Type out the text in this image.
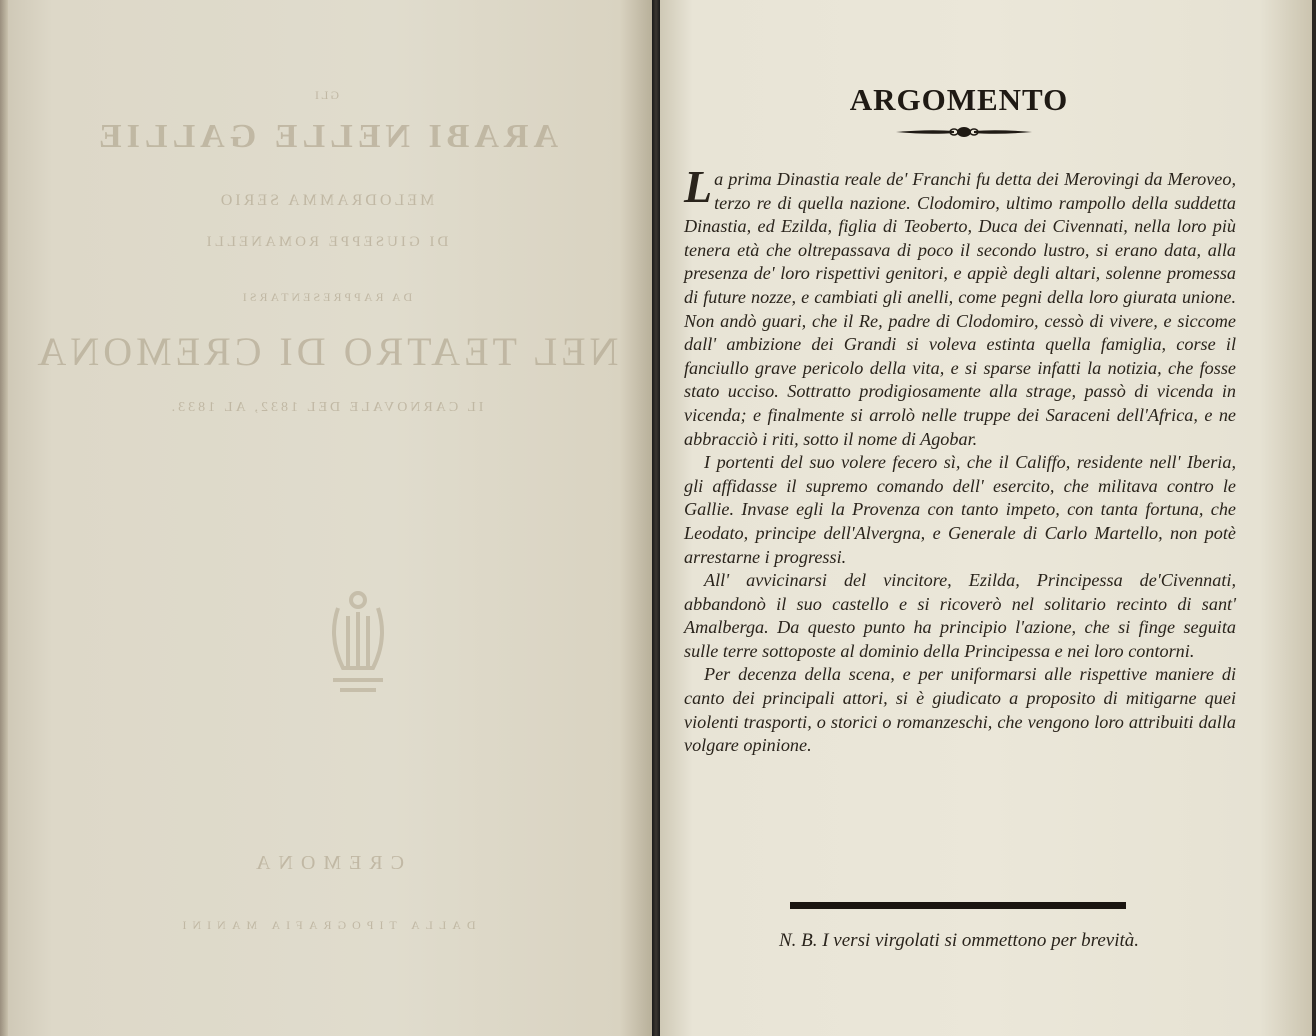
GLI
ARABI NELLE GALLIE
MELODRAMMA SERIO
DI GIUSEPPE ROMANELLI
DA RAPPRESENTARSI
NEL TEATRO DI CREMONA
IL CARNOVALE DEL 1832, AL 1833.
CREMONA
DALLA TIPOGRAFIA MANINI
ARGOMENTO

La prima Dinastia reale de' Franchi fu detta dei Merovingi da Meroveo, terzo re di quella nazione. Clodomiro, ultimo rampollo della suddetta Dinastia, ed Ezilda, figlia di Teoberto, Duca dei Civennati, nella loro più tenera età che oltrepassava di poco il secondo lustro, si erano data, alla presenza de' loro rispettivi genitori, e appiè degli altari, solenne promessa di future nozze, e cambiati gli anelli, come pegni della loro giurata unione. Non andò guari, che il Re, padre di Clodomiro, cessò di vivere, e siccome dall' ambizione dei Grandi si voleva estinta quella famiglia, corse il fanciullo grave pericolo della vita, e si sparse infatti la notizia, che fosse stato ucciso. Sottratto prodigiosamente alla strage, passò di vicenda in vicenda; e finalmente si arrolò nelle truppe dei Saraceni dell'Africa, e ne abbracciò i riti, sotto il nome di Agobar.

I portenti del suo volere fecero sì, che il Califfo, residente nell' Iberia, gli affidasse il supremo comando dell' esercito, che militava contro le Gallie. Invase egli la Provenza con tanto impeto, con tanta fortuna, che Leodato, principe dell'Alvergna, e Generale di Carlo Martello, non potè arrestarne i progressi.

All' avvicinarsi del vincitore, Ezilda, Principessa de'Civennati, abbandonò il suo castello e si ricoverò nel solitario recinto di sant' Amalberga. Da questo punto ha principio l'azione, che si finge seguita sulle terre sottoposte al dominio della Principessa e nei loro contorni.

Per decenza della scena, e per uniformarsi alle rispettive maniere di canto dei principali attori, si è giudicato a proposito di mitigarne quei violenti trasporti, o storici o romanzeschi, che vengono loro attribuiti dalla volgare opinione.

N. B. I versi virgolati si ommettono per brevità.
